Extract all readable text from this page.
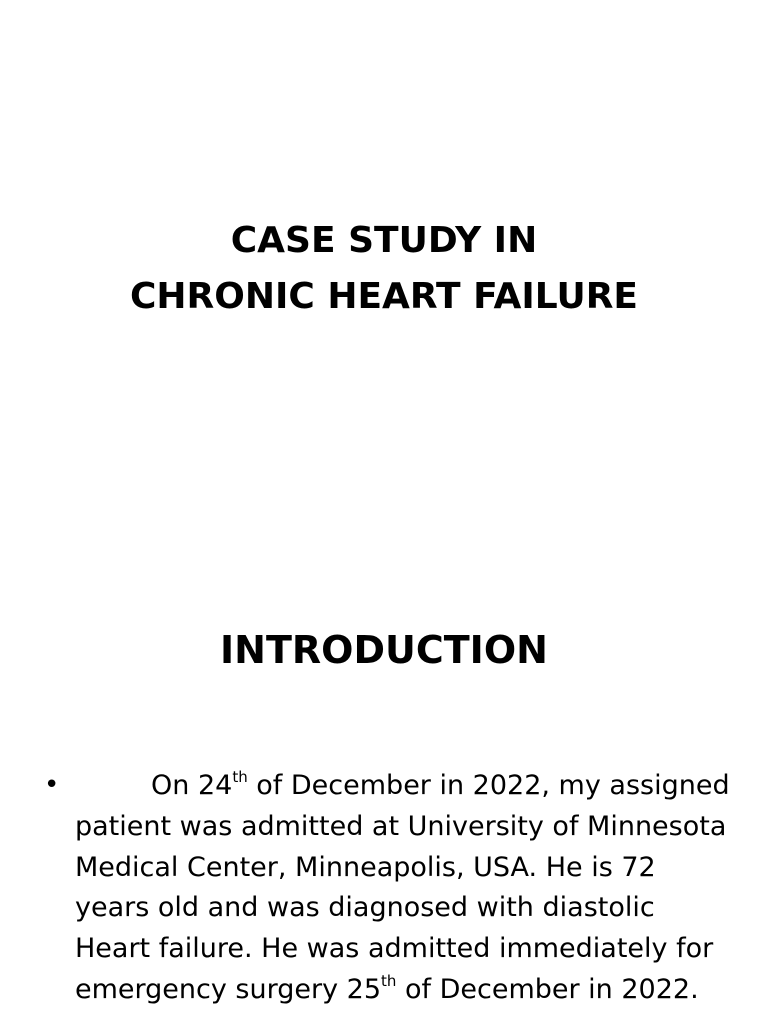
CASE STUDY IN
CHRONIC HEART FAILURE
INTRODUCTION
•	On 24th of December in 2022, my assigned patient was admitted at University of Minnesota Medical Center, Minneapolis, USA. He is 72 years old and was diagnosed with diastolic Heart failure. He was admitted immediately for emergency surgery 25th of December in 2022.
